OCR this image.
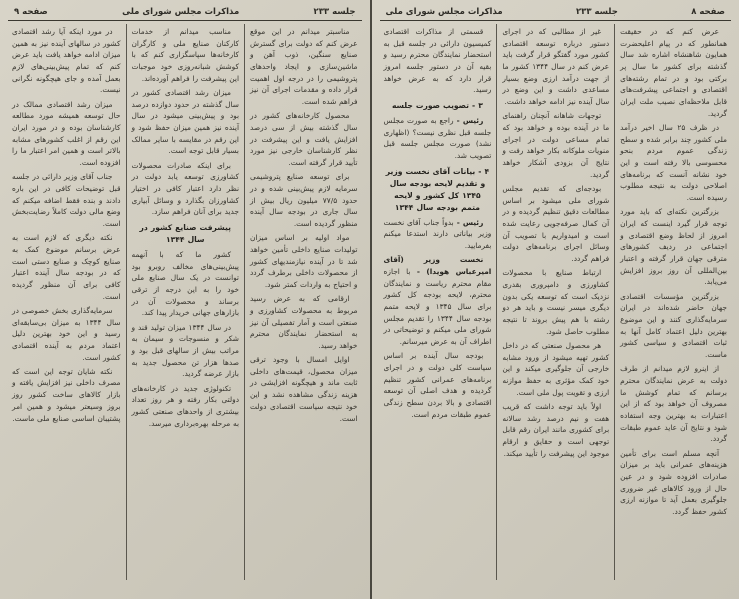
مذاکرات مجلس شورای ملی	جلسه ۲۳۳	صفحه ۸

عرض کنم که در حقیقت همانطور که در پیام اعلیحضرت همایون شاهنشاه اشاره شد سال گذشته برای کشور ما سال پر برکتی بود و در تمام رشته‌های اقتصادی و اجتماعی پیشرفت‌های قابل ملاحظه‌ای نصیب ملت ایران گردید.

در ظرف ۲۵ سال اخیر درآمد ملی کشور چند برابر شده و سطح زندگی عموم مردم بنحو محسوسی بالا رفته است و این خود نشانه آنست که برنامه‌های اصلاحی دولت به نتیجه مطلوب رسیده است.

بزرگترین نکته‌ای که باید مورد توجه قرار گیرد اینست که ایران امروز از لحاظ وضع اقتصادی و اجتماعی در ردیف کشورهای مترقی جهان قرار گرفته و اعتبار بین‌المللی آن روز بروز افزایش می‌یابد.

بزرگترین مؤسسات اقتصادی جهان حاضر شده‌اند در ایران سرمایه‌گذاری کنند و این موضوع بهترین دلیل اعتماد کامل آنها به ثبات اقتصادی و سیاسی کشور ماست.

از اینرو لازم میدانم از طرف دولت به عرض نمایندگان محترم برسانم که تمام کوشش ما مصروف آن خواهد بود که از این اعتبارات به بهترین وجه استفاده شود و نتایج آن عاید عموم طبقات گردد.

آنچه مسلم است برای تأمین هزینه‌های عمرانی باید بر میزان صادرات افزوده شود و در عین حال از ورود کالاهای غیر ضروری جلوگیری بعمل آید تا موازنه ارزی کشور حفظ گردد.

غیر از مطالبی که در اجرای دستور درباره توسعه اقتصادی کشور مورد گفتگو قرار گرفت باید عرض کنم در سال ۱۳۴۴ کشور ما از جهت درآمد ارزی وضع بسیار مساعدی داشت و این وضع در سال آینده نیز ادامه خواهد داشت.

توجهات شاهانه آنچنان راهنمای ما در آینده بوده و خواهد بود که تمام مساعی دولت در اجرای منویات ملوکانه بکار خواهد رفت و نتایج آن بزودی آشکار خواهد گردید.

بودجه‌ای که تقدیم مجلس شورای ملی میشود بر اساس مطالعات دقیق تنظیم گردیده و در آن کمال صرفه‌جویی رعایت شده است و امیدواریم با تصویب آن وسائل اجرای برنامه‌های دولت فراهم گردد.

ارتباط صنایع با محصولات کشاورزی و دامپروری بقدری نزدیک است که توسعه یکی بدون دیگری میسر نیست و باید هر دو رشته با هم پیش بروند تا نتیجه مطلوب حاصل شود.

هر محصول صنعتی که در داخل کشور تهیه میشود از ورود مشابه خارجی آن جلوگیری میکند و این خود کمک مؤثری به حفظ موازنه ارزی و تقویت پول ملی است.

اولاً باید توجه داشت که قریب هفت و نیم درصد رشد سالانه برای کشوری مانند ایران رقم قابل توجهی است و حقایق و ارقام موجود این پیشرفت را تأیید میکند.

قسمتی از مذاکرات اقتصادی کمیسیون دارائی در جلسه قبل به استحضار نمایندگان محترم رسید و بقیه آن در دستور جلسه امروز قرار دارد که به عرض خواهد رسید.

۳ - تصویب صورت جلسه

رئیس - راجع به صورت مجلس جلسه قبل نظری نیست؟ (اظهاری نشد) صورت مجلس جلسه قبل تصویب شد.

۴ - بیانات آقای نخست وزیر و تقدیم لایحه بودجه سال ۱۳۴۵ کل کشور و لایحه متمم بودجه سال ۱۳۴۴

رئیس - بدواً جناب آقای نخست وزیر بیاناتی دارند استدعا میکنم بفرمایید.

نخست وزیر (آقای امیرعباس هویدا) - با اجازه مقام محترم ریاست و نمایندگان محترم، لایحه بودجه کل کشور برای سال ۱۳۴۵ و لایحه متمم بودجه سال ۱۳۴۴ را تقدیم مجلس شورای ملی میکنم و توضیحاتی در اطراف آن به عرض میرسانم.

بودجه سال آینده بر اساس سیاست کلی دولت و در اجرای برنامه‌های عمرانی کشور تنظیم گردیده و هدف اصلی آن توسعه اقتصادی و بالا بردن سطح زندگی عموم طبقات مردم است.

صفحه ۹	مذاکرات مجلس شورای ملی	جلسه ۲۳۳

مناسبتر میدانم در این موقع عرض کنم که دولت برای گسترش صنایع سنگین، ذوب آهن و ماشین‌سازی و ایجاد واحدهای پتروشیمی را در درجه اول اهمیت قرار داده و مقدمات اجرای آن نیز فراهم شده است.

محصول کارخانه‌های کشور در سال گذشته بیش از سی درصد افزایش یافت و این پیشرفت در نظر کارشناسان خارجی نیز مورد تأیید قرار گرفته است.

برای توسعه صنایع پتروشیمی سرمایه لازم پیش‌بینی شده و در حدود ۷۷/۵ میلیون ریال بیش از سال جاری در بودجه سال آینده منظور گردیده است.

مواد اولیه بر اساس میزان تولیدات صنایع داخلی تأمین خواهد شد تا در آینده نیازمندیهای کشور از محصولات داخلی برطرف گردد و احتیاج به واردات کمتر شود.

ارقامی که به عرض رسید مربوط به محصولات کشاورزی و صنعتی است و آمار تفصیلی آن نیز به استحضار نمایندگان محترم خواهد رسید.

اوایل امسال با وجود ترقی میزان محصول، قیمت‌های داخلی ثابت ماند و هیچگونه افزایشی در هزینه زندگی مشاهده نشد و این خود نتیجه سیاست اقتصادی دولت است.

مناسب میدانم از خدمات کارکنان صنایع ملی و کارگران کارخانه‌ها سپاسگزاری کنم که با کوشش شبانه‌روزی خود موجبات این پیشرفت را فراهم آورده‌اند.

میزان رشد اقتصادی کشور در سال گذشته در حدود دوازده درصد بود و پیش‌بینی میشود در سال آینده نیز همین میزان حفظ شود و این رقم در مقایسه با سایر ممالک بسیار قابل توجه است.

برای اینکه صادرات محصولات کشاورزی توسعه یابد دولت در نظر دارد اعتبار کافی در اختیار کشاورزان بگذارد و وسائل آبیاری جدید برای آنان فراهم سازد.

پیشرفت صنایع کشور در سال ۱۳۴۴

کشور ما که با آنهمه پیش‌بینی‌های مخالف روبرو بود توانست در یک سال صنایع ملی خود را به این درجه از ترقی برساند و محصولات آن در بازارهای جهانی خریدار پیدا کند.

در سال ۱۳۴۴ میزان تولید قند و شکر و منسوجات و سیمان به مراتب بیش از سالهای قبل بود و صدها هزار تن محصول جدید به بازار عرضه گردید.

تکنولوژی جدید در کارخانه‌های دولتی بکار رفته و هر روز تعداد بیشتری از واحدهای صنعتی کشور به مرحله بهره‌برداری میرسد.

در مورد اینکه آیا رشد اقتصادی کشور در سالهای آینده نیز به همین میزان ادامه خواهد یافت باید عرض کنم که تمام پیش‌بینی‌های لازم بعمل آمده و جای هیچگونه نگرانی نیست.

میزان رشد اقتصادی ممالک در حال توسعه همیشه مورد مطالعه کارشناسان بوده و در مورد ایران این رقم از اغلب کشورهای مشابه بالاتر است و همین امر اعتبار ما را افزوده است.

جناب آقای وزیر دارائی در جلسه قبل توضیحات کافی در این باره دادند و بنده فقط اضافه میکنم که وضع مالی دولت کاملاً رضایت‌بخش است.

نکته دیگری که لازم است به عرض برسانم موضوع کمک به صنایع کوچک و صنایع دستی است که در بودجه سال آینده اعتبار کافی برای آن منظور گردیده است.

سرمایه‌گذاری بخش خصوصی در سال ۱۳۴۴ به میزان بی‌سابقه‌ای رسید و این خود بهترین دلیل اعتماد مردم به آینده اقتصادی کشور است.

نکته شایان توجه این است که مصرف داخلی نیز افزایش یافته و بازار کالاهای ساخت کشور روز بروز وسیعتر میشود و همین امر پشتیبان اساسی صنایع ملی ماست.
